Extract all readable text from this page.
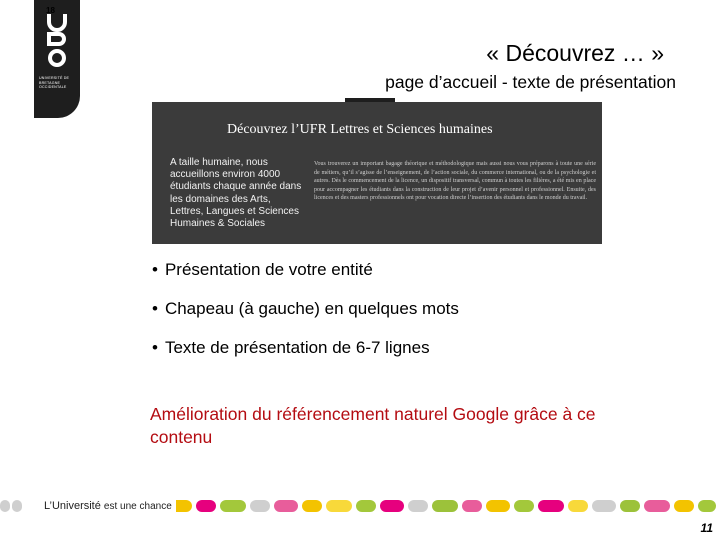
UNIVERSITÉ DE BRETAGNE OCCIDENTALE
18
« Découvrez … »
page d’accueil - texte de présentation
Découvrez l’UFR Lettres et Sciences humaines
A taille humaine, nous accueillons environ 4000 étudiants chaque année dans les domaines des Arts, Lettres, Langues et Sciences Humaines & Sociales
Vous trouverez un important bagage théorique et méthodologique mais aussi nous vous préparons à toute une série de métiers, qu’il s’agisse de l’enseignement, de l’action sociale, du commerce international, ou de la psychologie et autres. Dès le commencement de la licence, un dispositif transversal, commun à toutes les filières, a été mis en place pour accompagner les étudiants dans la construction de leur projet d’avenir personnel et professionnel. Ensuite, des licences et des masters professionnels ont pour vocation directe l’insertion des étudiants dans le monde du travail.
• Présentation de votre entité
• Chapeau (à gauche) en quelques mots
• Texte de présentation de 6-7 lignes
Amélioration du référencement naturel Google grâce à ce contenu
L’Université est une chance
11
